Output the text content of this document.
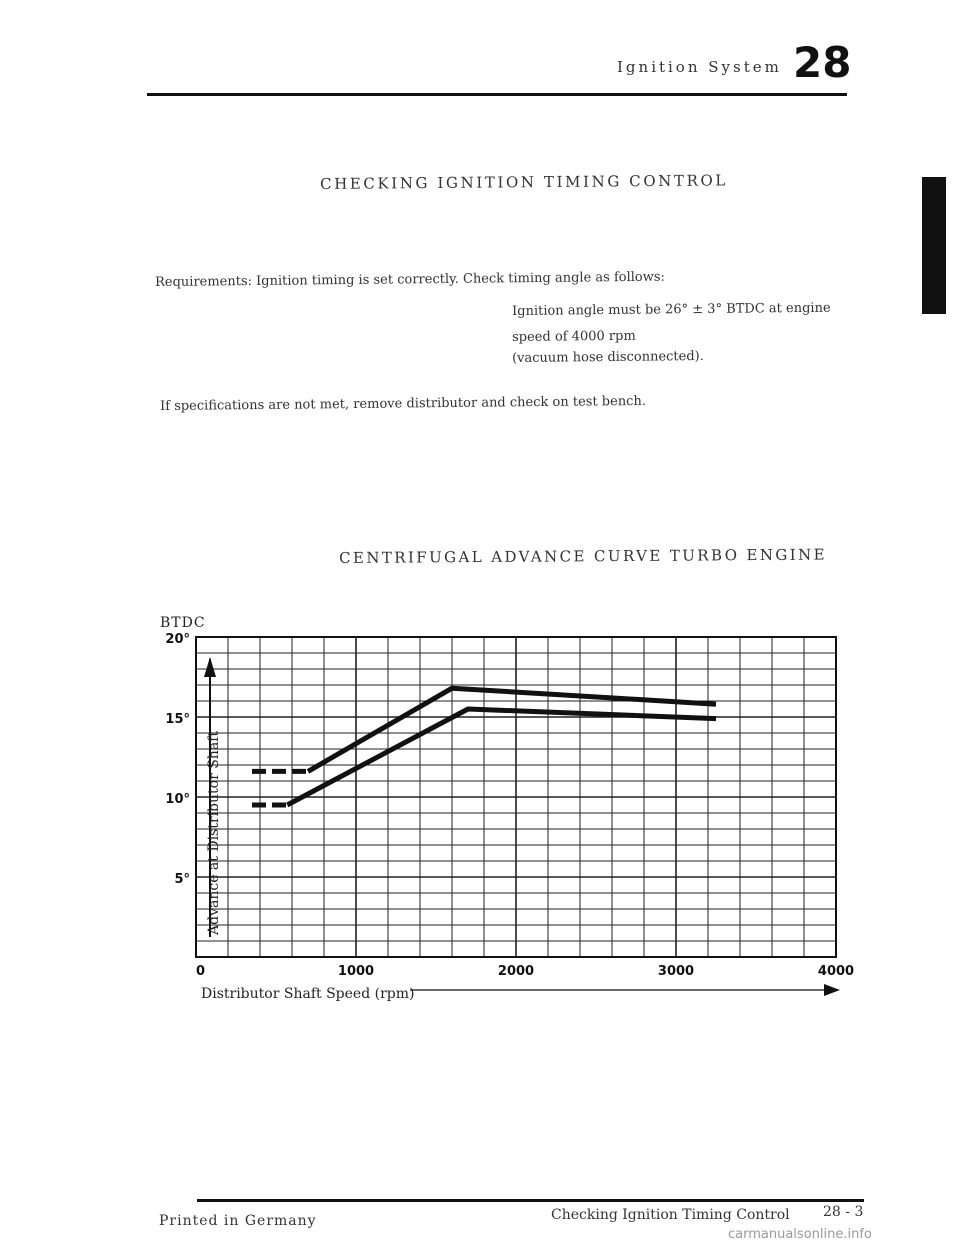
Ignition System 28
CHECKING IGNITION TIMING CONTROL
Requirements: Ignition timing is set correctly. Check timing angle as follows:
Ignition angle must be 26° ± 3° BTDC at engine
speed of 4000 rpm
(vacuum hose disconnected).
If specifications are not met, remove distributor and check on test bench.
CENTRIFUGAL ADVANCE CURVE TURBO ENGINE
5°
10°
15°
20°
0	1000	2000	3000	4000
BTDC
Distributor Shaft Speed (rpm)
Advance at Distributor Shaft
Printed in Germany	Checking Ignition Timing Control 28 - 3
carmanualsonline.info
